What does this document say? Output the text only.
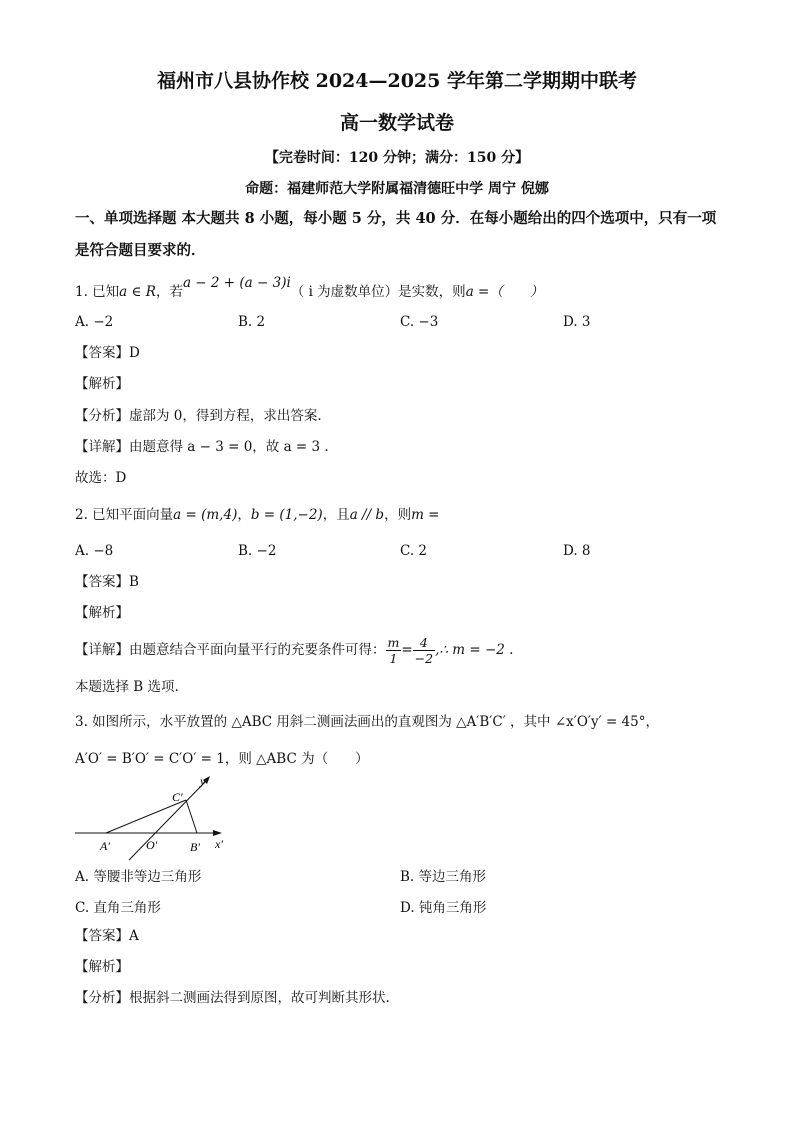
福州市八县协作校 2024—2025 学年第二学期期中联考
高一数学试卷
【完卷时间：120 分钟；满分：150 分】
命题：福建师范大学附属福清德旺中学 周宁 倪娜
一、单项选择题 本大题共 8 小题，每小题 5 分，共 40 分．在每小题给出的四个选项中，只有一项是符合题目要求的．
1. 已知a ∈ R，若a − 2 + (a − 3)i（ i 为虚数单位）是实数，则a =（　　）
A. −2	B. 2	C. −3	D. 3
【答案】D
【解析】
【分析】虚部为 0，得到方程，求出答案.
【详解】由题意得 a − 3 = 0，故 a = 3 .
故选：D
2. 已知平面向量a = (m,4)，b = (1,−2)，且a // b，则m =
A. −8	B. −2	C. 2	D. 8
【答案】B
【解析】
【详解】由题意结合平面向量平行的充要条件可得： $\frac{m}{1} = \frac{4}{-2}$ ,∴ m = −2 .
本题选择 B 选项.
3. 如图所示，水平放置的 △ABC 用斜二测画法画出的直观图为 △A′B′C′ ，其中 ∠x′O′y′ = 45°，
A′O′ = B′O′ = C′O′ = 1，则 △ABC 为（　　）
y′
C′
A′	O′	B′ x′
A. 等腰非等边三角形	B. 等边三角形
C. 直角三角形	D. 钝角三角形
【答案】A
【解析】
【分析】根据斜二测画法得到原图，故可判断其形状.
